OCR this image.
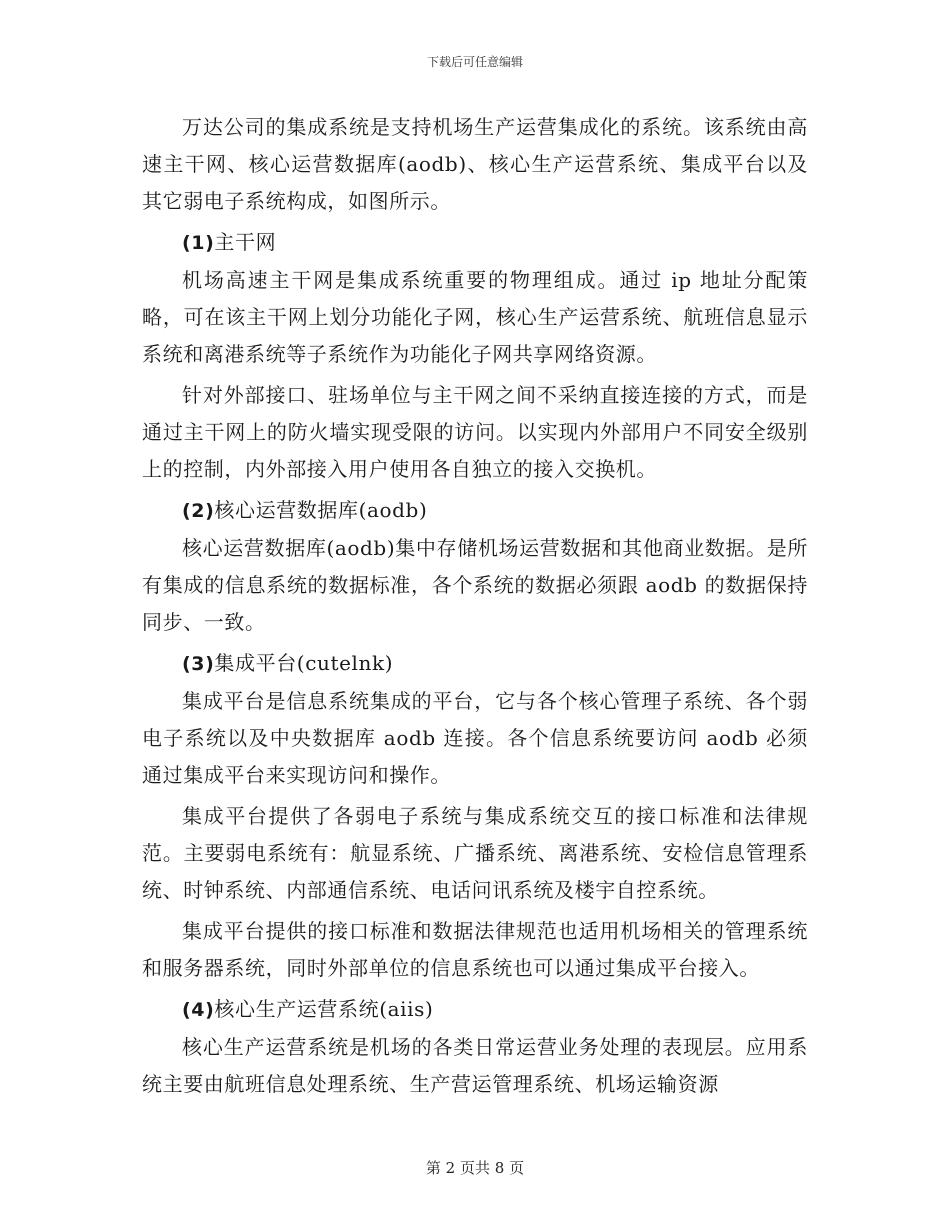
下载后可任意编辑

万达公司的集成系统是支持机场生产运营集成化的系统。该系统由高速主干网、核心运营数据库(aodb)、核心生产运营系统、集成平台以及其它弱电子系统构成，如图所示。

(1)主干网

机场高速主干网是集成系统重要的物理组成。通过 ip 地址分配策略，可在该主干网上划分功能化子网，核心生产运营系统、航班信息显示系统和离港系统等子系统作为功能化子网共享网络资源。

针对外部接口、驻场单位与主干网之间不采纳直接连接的方式，而是通过主干网上的防火墙实现受限的访问。以实现内外部用户不同安全级别上的控制，内外部接入用户使用各自独立的接入交换机。

(2)核心运营数据库(aodb)

核心运营数据库(aodb)集中存储机场运营数据和其他商业数据。是所有集成的信息系统的数据标准，各个系统的数据必须跟 aodb 的数据保持同步、一致。

(3)集成平台(cutelnk)

集成平台是信息系统集成的平台，它与各个核心管理子系统、各个弱电子系统以及中央数据库 aodb 连接。各个信息系统要访问 aodb 必须通过集成平台来实现访问和操作。

集成平台提供了各弱电子系统与集成系统交互的接口标准和法律规范。主要弱电系统有：航显系统、广播系统、离港系统、安检信息管理系统、时钟系统、内部通信系统、电话问讯系统及楼宇自控系统。

集成平台提供的接口标准和数据法律规范也适用机场相关的管理系统和服务器系统，同时外部单位的信息系统也可以通过集成平台接入。

(4)核心生产运营系统(aiis)

核心生产运营系统是机场的各类日常运营业务处理的表现层。应用系统主要由航班信息处理系统、生产营运管理系统、机场运输资源

第 2 页共 8 页
